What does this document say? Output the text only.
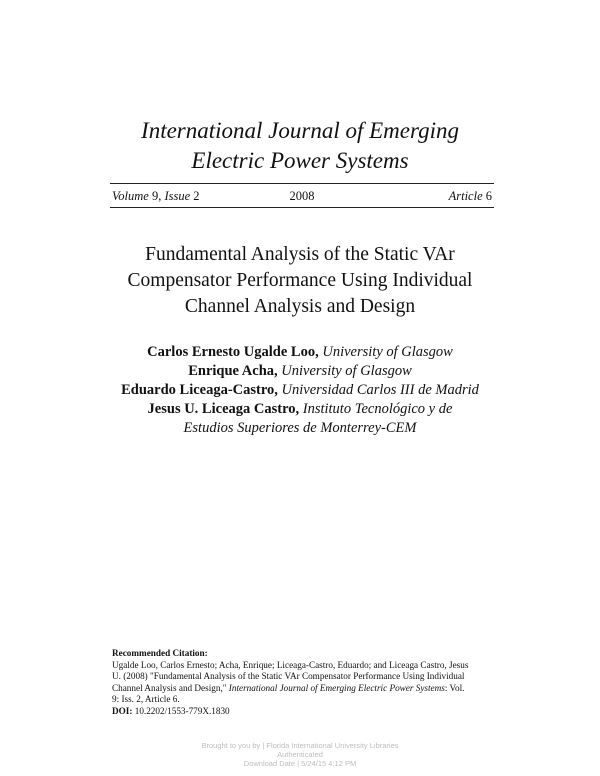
International Journal of Emerging
Electric Power Systems
Volume 9, Issue 2	2008	Article 6
Fundamental Analysis of the Static VAr
Compensator Performance Using Individual
Channel Analysis and Design
Carlos Ernesto Ugalde Loo, University of Glasgow
Enrique Acha, University of Glasgow
Eduardo Liceaga-Castro, Universidad Carlos III de Madrid
Jesus U. Liceaga Castro, Instituto Tecnológico y de
Estudios Superiores de Monterrey-CEM
Recommended Citation:
Ugalde Loo, Carlos Ernesto; Acha, Enrique; Liceaga-Castro, Eduardo; and Liceaga Castro, Jesus
U. (2008) "Fundamental Analysis of the Static VAr Compensator Performance Using Individual
Channel Analysis and Design," International Journal of Emerging Electric Power Systems: Vol.
9: Iss. 2, Article 6.
DOI: 10.2202/1553-779X.1830
Brought to you by | Florida International University Libraries
Authenticated
Download Date | 5/24/15 4:12 PM
